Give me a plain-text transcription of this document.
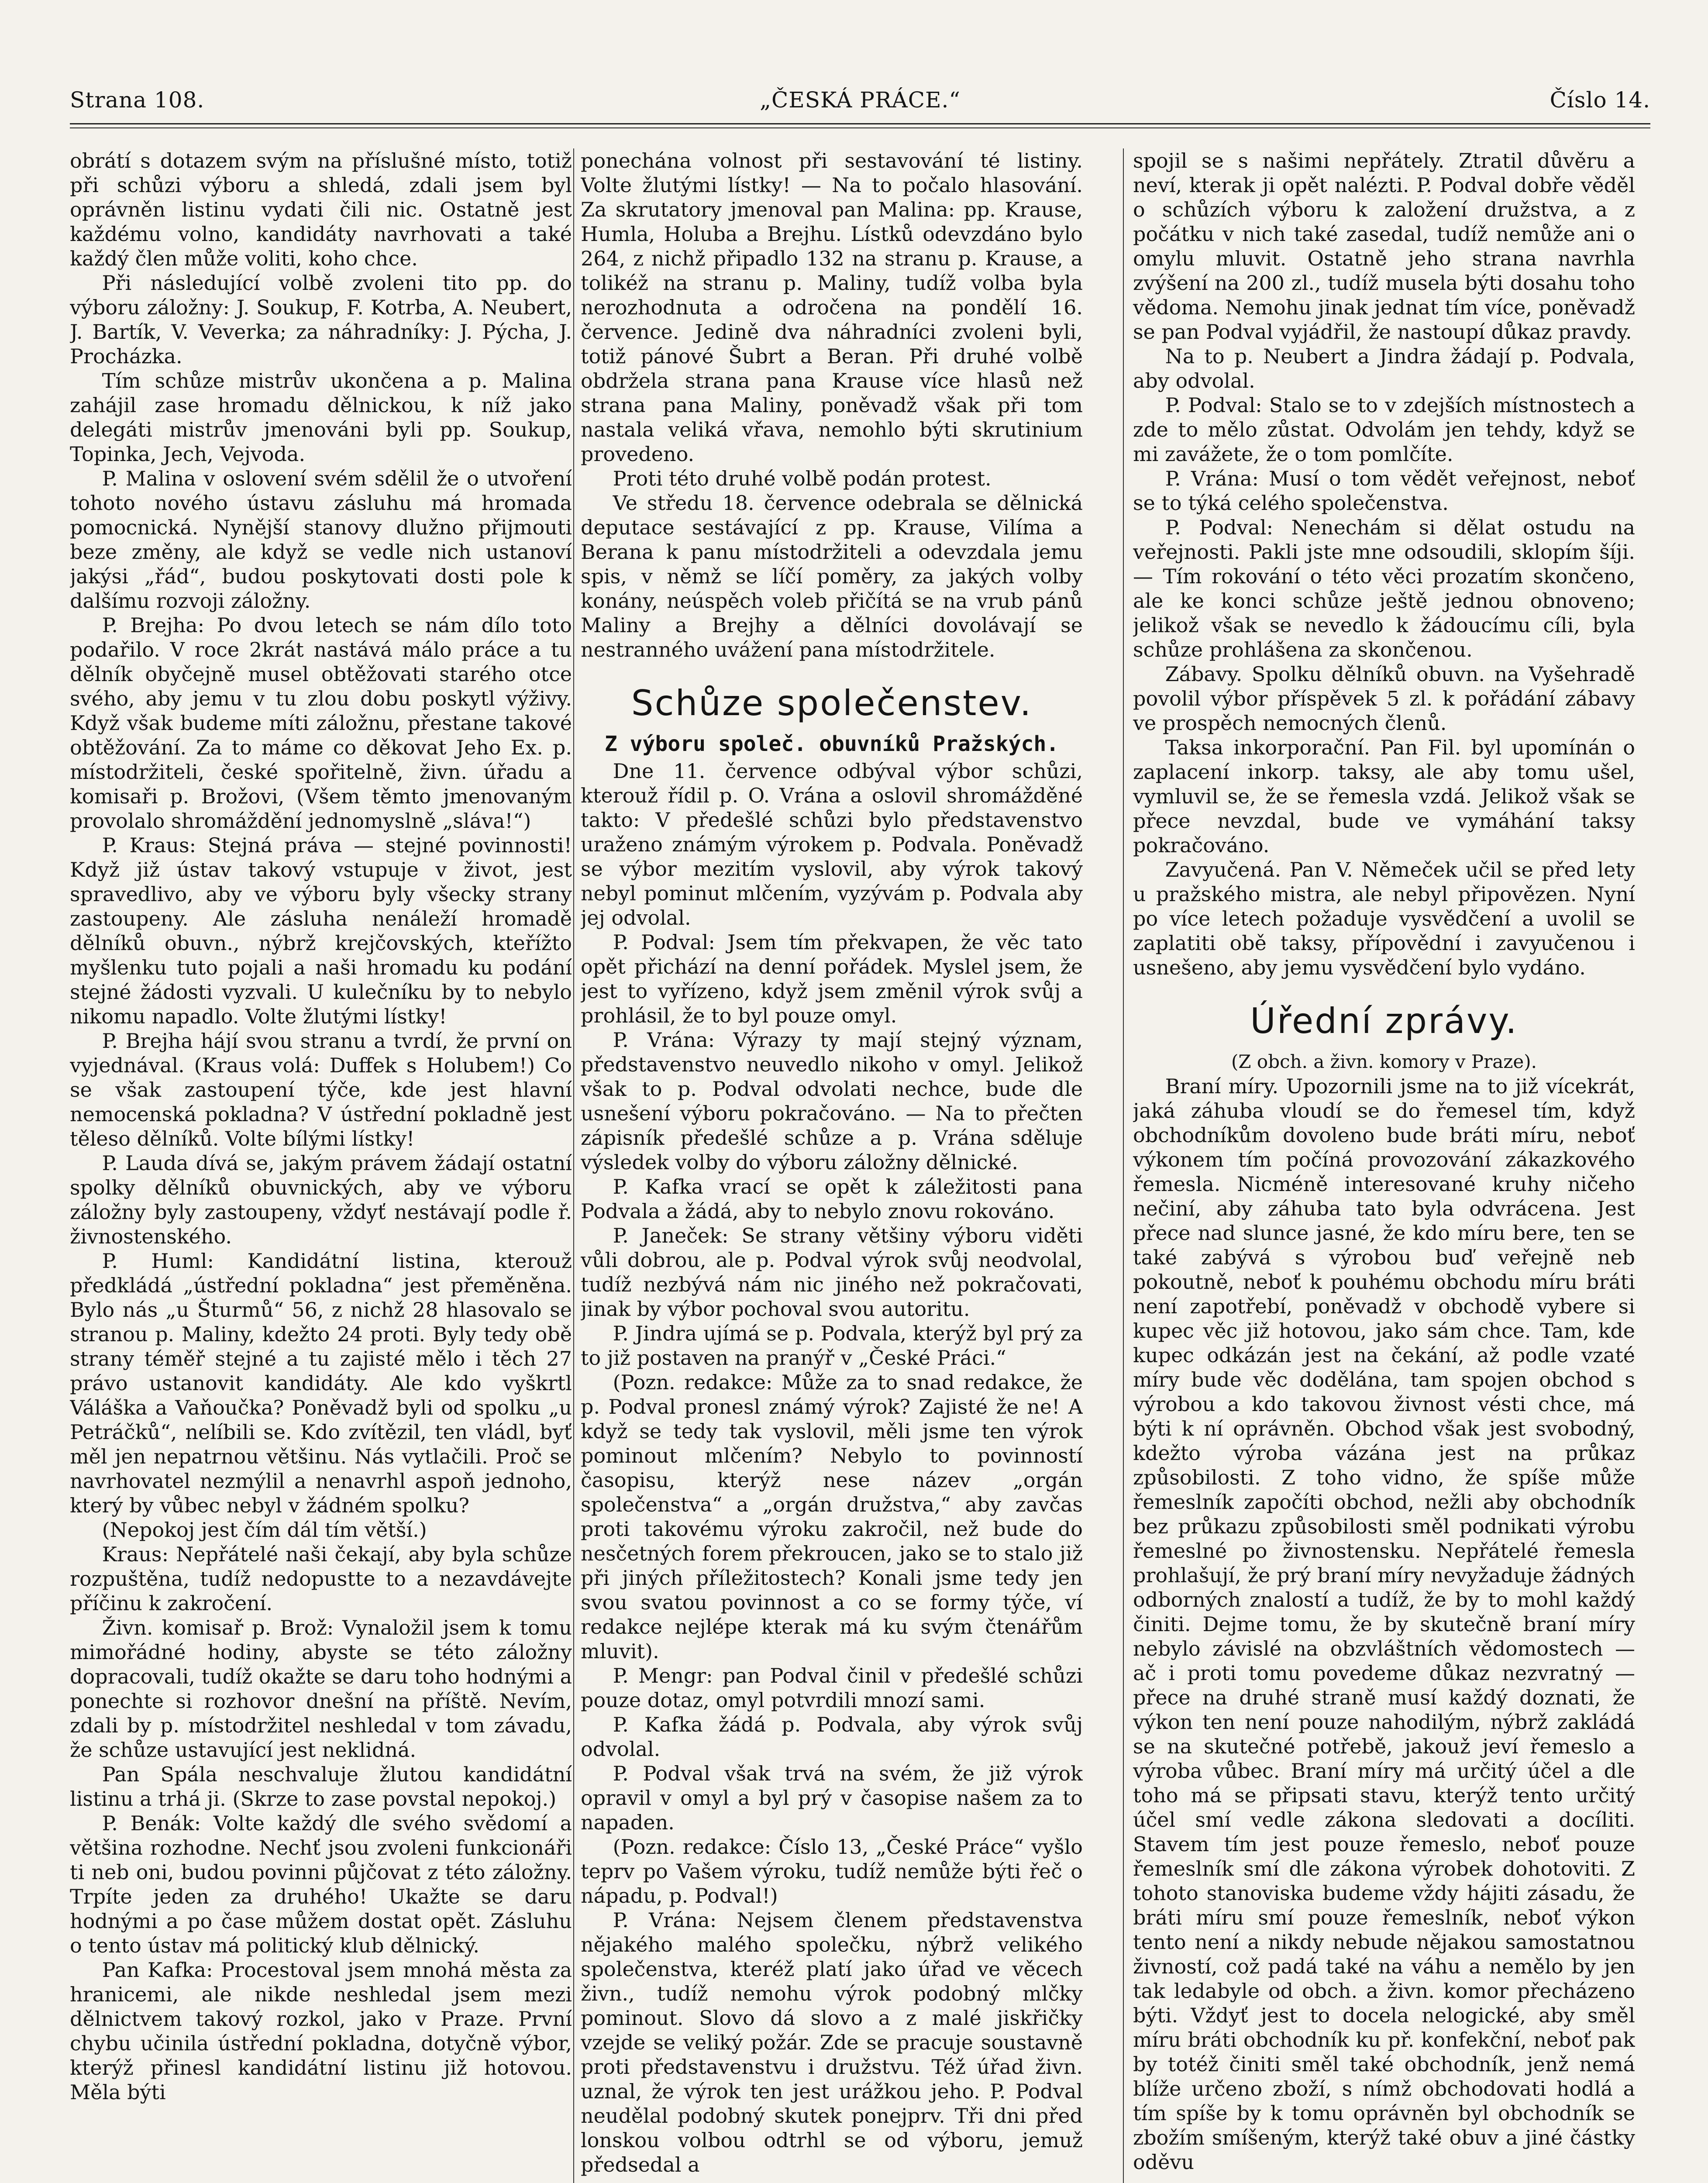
Strana 108.	„ČESKÁ PRÁCE.“	Číslo 14.

obrátí s dotazem svým na příslušné místo, totiž při schůzi výboru a shledá, zdali jsem byl oprávněn listinu vydati čili nic. Ostatně jest každému volno, kandidáty navrhovati a také každý člen může voliti, koho chce.

Při následující volbě zvoleni tito pp. do výboru záložny: J. Soukup, F. Kotrba, A. Neubert, J. Bartík, V. Veverka; za náhradníky: J. Pýcha, J. Procházka.

Tím schůze mistrův ukončena a p. Malina zahájil zase hromadu dělnickou, k níž jako delegáti mistrův jmenováni byli pp. Soukup, Topinka, Jech, Vejvoda.

P. Malina v oslovení svém sdělil že o utvoření tohoto nového ústavu zásluhu má hromada pomocnická. Nynější stanovy dlužno přijmouti beze změny, ale když se vedle nich ustanoví jakýsi „řád“, budou poskytovati dosti pole k dalšímu rozvoji záložny.

P. Brejha: Po dvou letech se nám dílo toto podařilo. V roce 2krát nastává málo práce a tu dělník obyčejně musel obtěžovati starého otce svého, aby jemu v tu zlou dobu poskytl výživy. Když však budeme míti záložnu, přestane takové obtěžování. Za to máme co děkovat Jeho Ex. p. místodržiteli, české spořitelně, živn. úřadu a komisaři p. Brožovi, (Všem těmto jmenovaným provolalo shromáždění jednomyslně „sláva!“)

P. Kraus: Stejná práva — stejné povinnosti! Když již ústav takový vstupuje v život, jest spravedlivo, aby ve výboru byly všecky strany zastoupeny. Ale zásluha nenáleží hromadě dělníků obuvn., nýbrž krejčovských, kteřížto myšlenku tuto pojali a naši hromadu ku podání stejné žádosti vyzvali. U kulečníku by to nebylo nikomu napadlo. Volte žlutými lístky!

P. Brejha hájí svou stranu a tvrdí, že první on vyjednával. (Kraus volá: Duffek s Holubem!) Co se však zastoupení týče, kde jest hlavní nemocenská pokladna? V ústřední pokladně jest těleso dělníků. Volte bílými lístky!

P. Lauda dívá se, jakým právem žádají ostatní spolky dělníků obuvnických, aby ve výboru záložny byly zastoupeny, vždyť nestávají podle ř. živnostenského.

P. Huml: Kandidátní listina, kterouž předkládá „ústřední pokladna“ jest přeměněna. Bylo nás „u Šturmů“ 56, z nichž 28 hlasovalo se stranou p. Maliny, kdežto 24 proti. Byly tedy obě strany téměř stejné a tu zajisté mělo i těch 27 právo ustanovit kandidáty. Ale kdo vyškrtl Váláška a Vaňoučka? Poněvadž byli od spolku „u Petráčků“, nelíbili se. Kdo zvítězil, ten vládl, byť měl jen nepatrnou většinu. Nás vytlačili. Proč se navrhovatel nezmýlil a nenavrhl aspoň jednoho, který by vůbec nebyl v žádném spolku?

(Nepokoj jest čím dál tím větší.)

Kraus: Nepřátelé naši čekají, aby byla schůze rozpuštěna, tudíž nedopustte to a nezavdávejte příčinu k zakročení.

Živn. komisař p. Brož: Vynaložil jsem k tomu mimořádné hodiny, abyste se této záložny dopracovali, tudíž okažte se daru toho hodnými a ponechte si rozhovor dnešní na příště. Nevím, zdali by p. místodržitel neshledal v tom závadu, že schůze ustavující jest neklidná.

Pan Spála neschvaluje žlutou kandidátní listinu a trhá ji. (Skrze to zase povstal nepokoj.)

P. Benák: Volte každý dle svého svědomí a většina rozhodne. Nechť jsou zvoleni funkcionáři ti neb oni, budou povinni půjčovat z této záložny. Trpíte jeden za druhého! Ukažte se daru hodnými a po čase můžem dostat opět. Zásluhu o tento ústav má politický klub dělnický.

Pan Kafka: Procestoval jsem mnohá města za hranicemi, ale nikde neshledal jsem mezi dělnictvem takový rozkol, jako v Praze. První chybu učinila ústřední pokladna, dotyčně výbor, kterýž přinesl kandidátní listinu již hotovou. Měla býti

ponechána volnost při sestavování té listiny. Volte žlutými lístky! — Na to počalo hlasování. Za skrutatory jmenoval pan Malina: pp. Krause, Humla, Holuba a Brejhu. Lístků odevzdáno bylo 264, z nichž připadlo 132 na stranu p. Krause, a tolikéž na stranu p. Maliny, tudíž volba byla nerozhodnuta a odročena na pondělí 16. července. Jedině dva náhradníci zvoleni byli, totiž pánové Šubrt a Beran. Při druhé volbě obdržela strana pana Krause více hlasů než strana pana Maliny, poněvadž však při tom nastala veliká vřava, nemohlo býti skrutinium provedeno.

Proti této druhé volbě podán protest.

Ve středu 18. července odebrala se dělnická deputace sestávající z pp. Krause, Vilíma a Berana k panu místodržiteli a odevzdala jemu spis, v němž se líčí poměry, za jakých volby konány, neúspěch voleb přičítá se na vrub pánů Maliny a Brejhy a dělníci dovolávají se nestranného uvážení pana místodržitele.

Schůze společenstev.
Z výboru společ. obuvníků Pražských.

Dne 11. července odbýval výbor schůzi, kterouž řídil p. O. Vrána a oslovil shromážděné takto: V předešlé schůzi bylo představenstvo uraženo známým výrokem p. Podvala. Poněvadž se výbor mezitím vyslovil, aby výrok takový nebyl pominut mlčením, vyzývám p. Podvala aby jej odvolal.

P. Podval: Jsem tím překvapen, že věc tato opět přichází na denní pořádek. Myslel jsem, že jest to vyřízeno, když jsem změnil výrok svůj a prohlásil, že to byl pouze omyl.

P. Vrána: Výrazy ty mají stejný význam, představenstvo neuvedlo nikoho v omyl. Jelikož však to p. Podval odvolati nechce, bude dle usnešení výboru pokračováno. — Na to přečten zápisník předešlé schůze a p. Vrána sděluje výsledek volby do výboru záložny dělnické.

P. Kafka vrací se opět k záležitosti pana Podvala a žádá, aby to nebylo znovu rokováno.

P. Janeček: Se strany většiny výboru viděti vůli dobrou, ale p. Podval výrok svůj neodvolal, tudíž nezbývá nám nic jiného než pokračovati, jinak by výbor pochoval svou autoritu.

P. Jindra ujímá se p. Podvala, kterýž byl prý za to již postaven na pranýř v „České Práci.“

(Pozn. redakce: Může za to snad redakce, že p. Podval pronesl známý výrok? Zajisté že ne! A když se tedy tak vyslovil, měli jsme ten výrok pominout mlčením? Nebylo to povinností časopisu, kterýž nese název „orgán společenstva“ a „orgán družstva,“ aby zavčas proti takovému výroku zakročil, než bude do nesčetných forem překroucen, jako se to stalo již při jiných příležitostech? Konali jsme tedy jen svou svatou povinnost a co se formy týče, ví redakce nejlépe kterak má ku svým čtenářům mluvit).

P. Mengr: pan Podval činil v předešlé schůzi pouze dotaz, omyl potvrdili mnozí sami.

P. Kafka žádá p. Podvala, aby výrok svůj odvolal.

P. Podval však trvá na svém, že již výrok opravil v omyl a byl prý v časopise našem za to napaden.

(Pozn. redakce: Číslo 13, „České Práce“ vyšlo teprv po Vašem výroku, tudíž nemůže býti řeč o nápadu, p. Podval!)

P. Vrána: Nejsem členem představenstva nějakého malého společku, nýbrž velikého společenstva, kteréž platí jako úřad ve věcech živn., tudíž nemohu výrok podobný mlčky pominout. Slovo dá slovo a z malé jiskřičky vzejde se veliký požár. Zde se pracuje soustavně proti představenstvu i družstvu. Též úřad živn. uznal, že výrok ten jest urážkou jeho. P. Podval neudělal podobný skutek ponejprv. Tři dni před lonskou volbou odtrhl se od výboru, jemuž předsedal a

spojil se s našimi nepřátely. Ztratil důvěru a neví, kterak ji opět nalézti. P. Podval dobře věděl o schůzích výboru k založení družstva, a z počátku v nich také zasedal, tudíž nemůže ani o omylu mluvit. Ostatně jeho strana navrhla zvýšení na 200 zl., tudíž musela býti dosahu toho vědoma. Nemohu jinak jednat tím více, poněvadž se pan Podval vyjádřil, že nastoupí důkaz pravdy.

Na to p. Neubert a Jindra žádají p. Podvala, aby odvolal.

P. Podval: Stalo se to v zdejších místnostech a zde to mělo zůstat. Odvolám jen tehdy, když se mi zavážete, že o tom pomlčíte.

P. Vrána: Musí o tom vědět veřejnost, neboť se to týká celého společenstva.

P. Podval: Nenechám si dělat ostudu na veřejnosti. Pakli jste mne odsoudili, sklopím šíji. — Tím rokování o této věci prozatím skončeno, ale ke konci schůze ještě jednou obnoveno; jelikož však se nevedlo k žádoucímu cíli, byla schůze prohlášena za skončenou.

Zábavy. Spolku dělníků obuvn. na Vyšehradě povolil výbor příspěvek 5 zl. k pořádání zábavy ve prospěch nemocných členů.

Taksa inkorporační. Pan Fil. byl upomínán o zaplacení inkorp. taksy, ale aby tomu ušel, vymluvil se, že se řemesla vzdá. Jelikož však se přece nevzdal, bude ve vymáhání taksy pokračováno.

Zavyučená. Pan V. Němeček učil se před lety u pražského mistra, ale nebyl připovězen. Nyní po více letech požaduje vysvědčení a uvolil se zaplatiti obě taksy, přípovědní i zavyučenou i usnešeno, aby jemu vysvědčení bylo vydáno.

Úřední zprávy.
(Z obch. a živn. komory v Praze).

Braní míry. Upozornili jsme na to již vícekrát, jaká záhuba vloudí se do řemesel tím, když obchodníkům dovoleno bude bráti míru, neboť výkonem tím počíná provozování zákazkového řemesla. Nicméně interesované kruhy ničeho nečiní, aby záhuba tato byla odvrácena. Jest přece nad slunce jasné, že kdo míru bere, ten se také zabývá s výrobou buď veřejně neb pokoutně, neboť k pouhému obchodu míru bráti není zapotřebí, poněvadž v obchodě vybere si kupec věc již hotovou, jako sám chce. Tam, kde kupec odkázán jest na čekání, až podle vzaté míry bude věc dodělána, tam spojen obchod s výrobou a kdo takovou živnost vésti chce, má býti k ní oprávněn. Obchod však jest svobodný, kdežto výroba vázána jest na průkaz způsobilosti. Z toho vidno, že spíše může řemeslník započíti obchod, nežli aby obchodník bez průkazu způsobilosti směl podnikati výrobu řemeslné po živnostensku. Nepřátelé řemesla prohlašují, že prý braní míry nevyžaduje žádných odborných znalostí a tudíž, že by to mohl každý činiti. Dejme tomu, že by skutečně braní míry nebylo závislé na obzvláštních vědomostech — ač i proti tomu povedeme důkaz nezvratný — přece na druhé straně musí každý doznati, že výkon ten není pouze nahodilým, nýbrž zakládá se na skutečné potřebě, jakouž jeví řemeslo a výroba vůbec. Braní míry má určitý účel a dle toho má se připsati stavu, kterýž tento určitý účel smí vedle zákona sledovati a docíliti. Stavem tím jest pouze řemeslo, neboť pouze řemeslník smí dle zákona výrobek dohotoviti. Z tohoto stanoviska budeme vždy hájiti zásadu, že bráti míru smí pouze řemeslník, neboť výkon tento není a nikdy nebude nějakou samostatnou živností, což padá také na váhu a nemělo by jen tak ledabyle od obch. a živn. komor přecházeno býti. Vždyť jest to docela nelogické, aby směl míru bráti obchodník ku př. konfekční, neboť pak by totéž činiti směl také obchodník, jenž nemá blíže určeno zboží, s nímž obchodovati hodlá a tím spíše by k tomu oprávněn byl obchodník se zbožím smíšeným, kterýž také obuv a jiné částky oděvu
